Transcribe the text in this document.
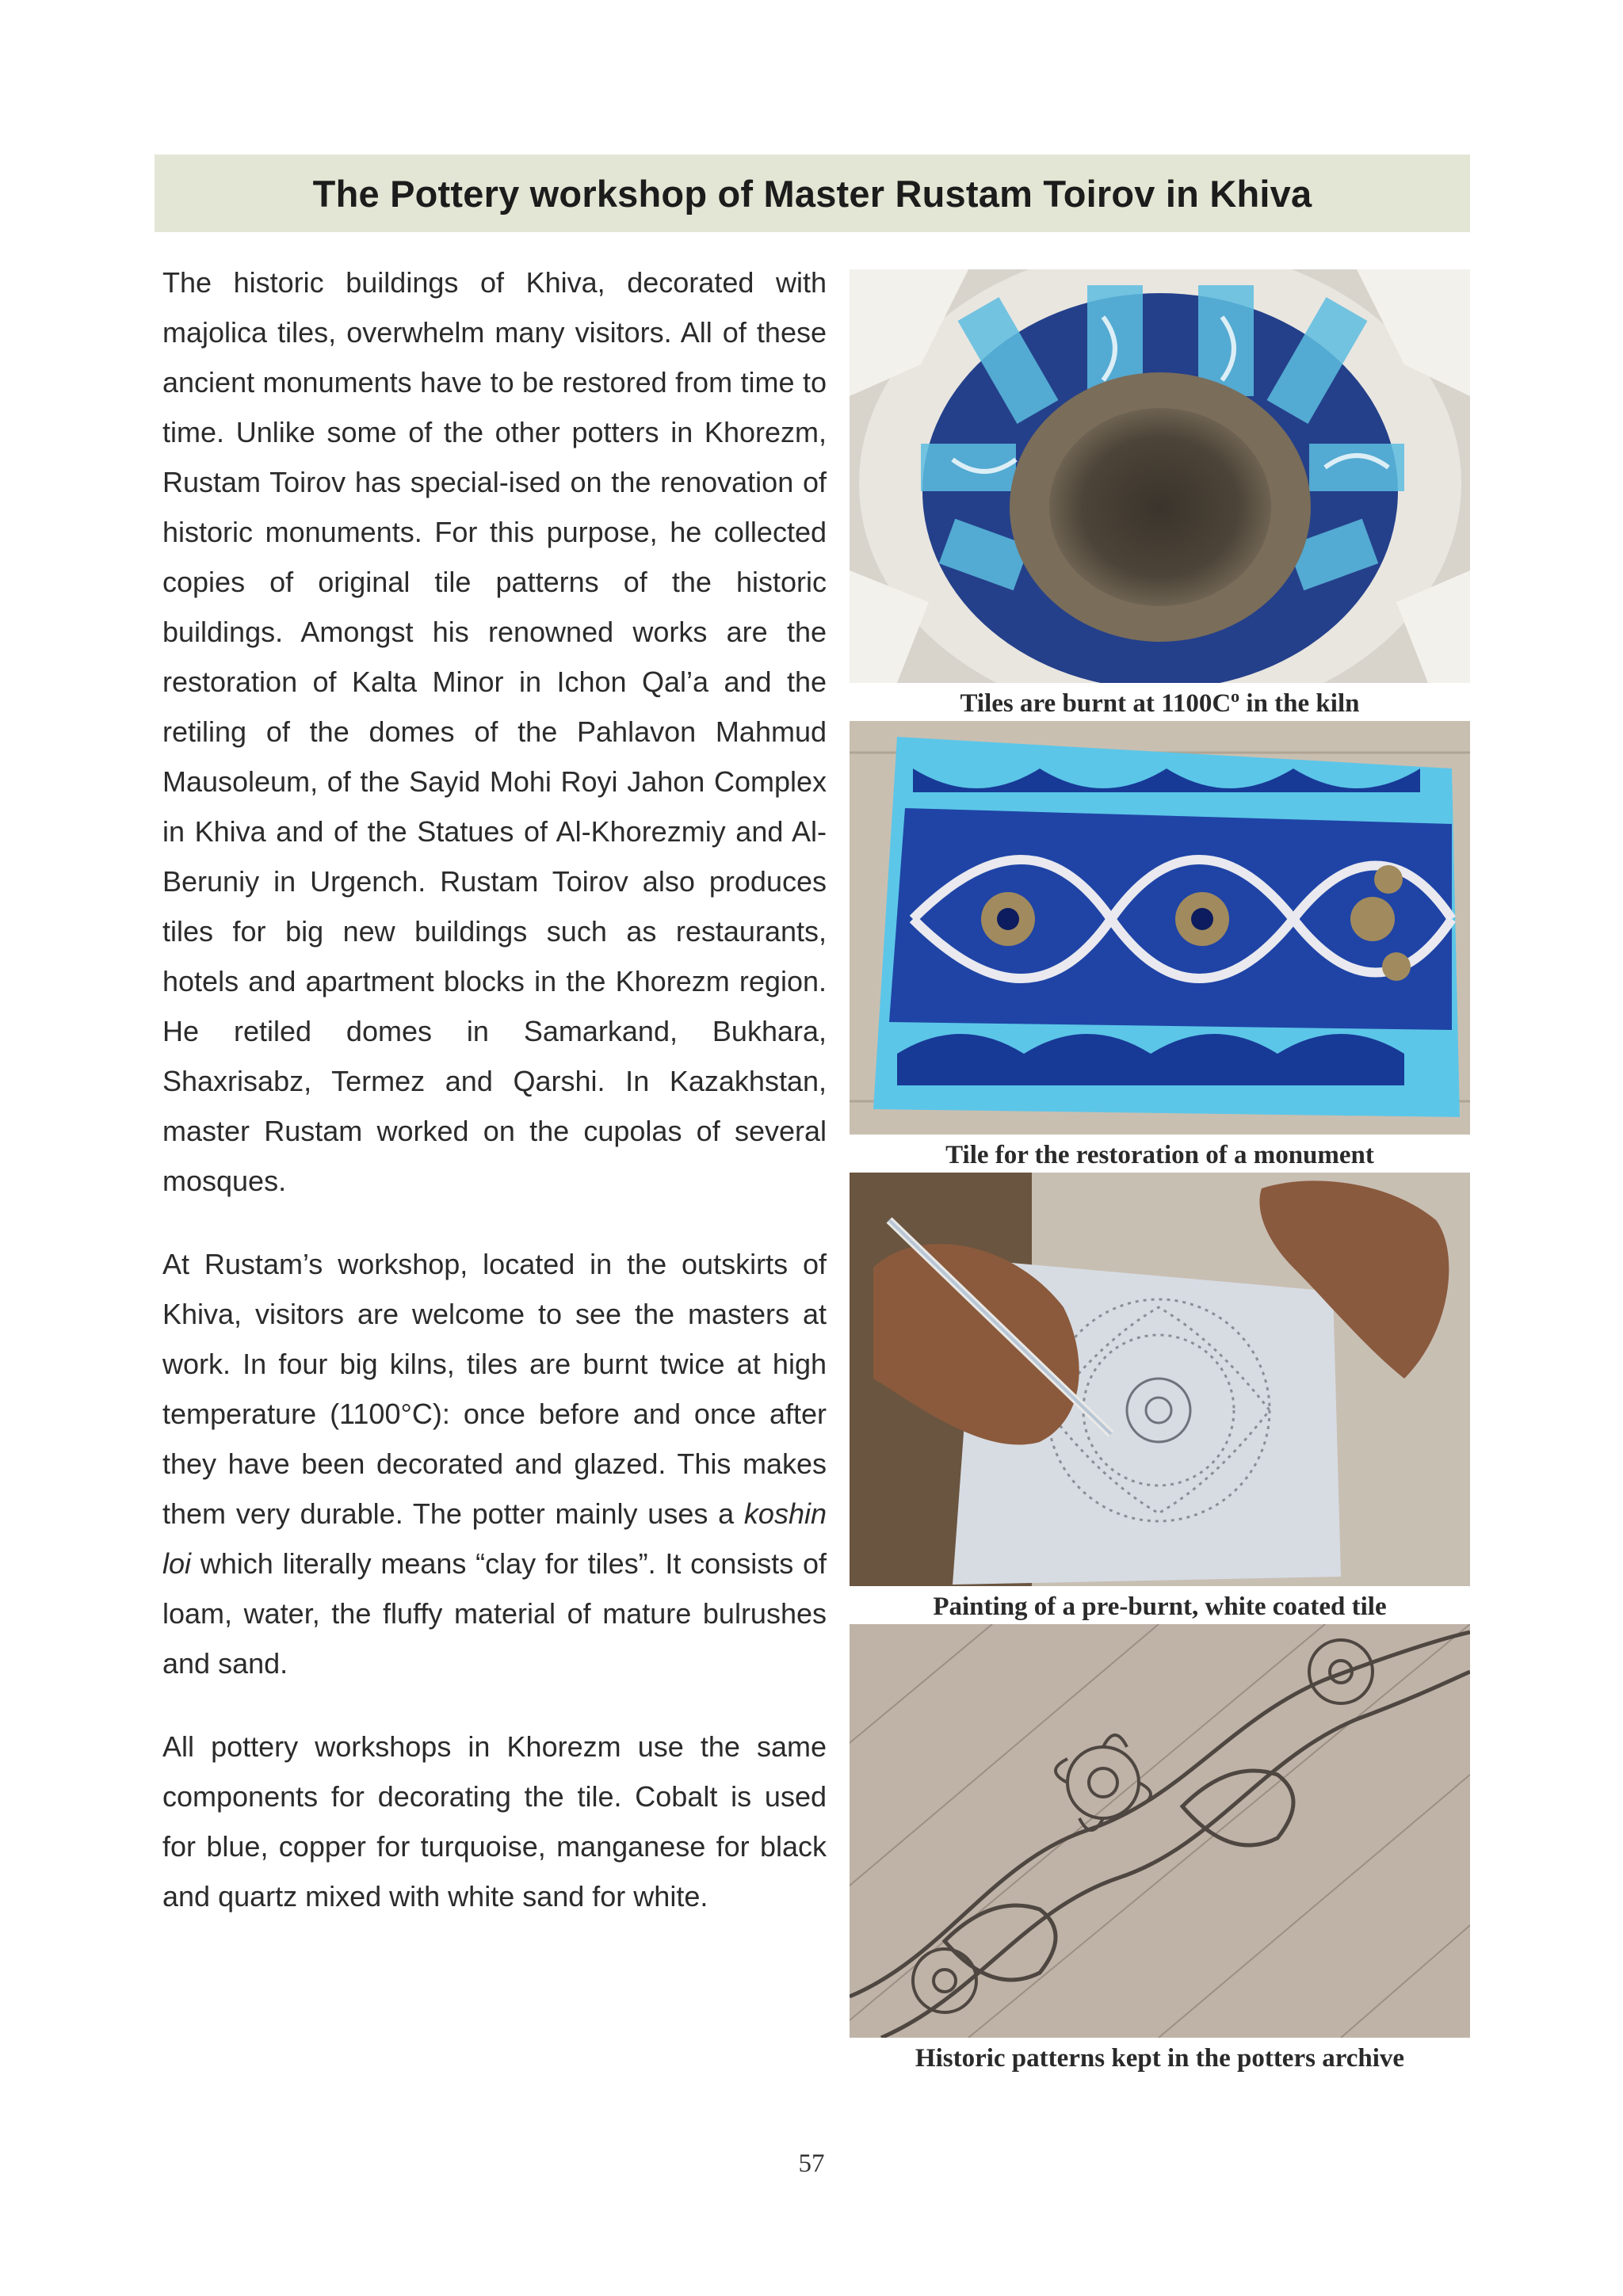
The Pottery workshop of Master Rustam Toirov in Khiva

The historic buildings of Khiva, decorated with majolica tiles, overwhelm many visitors. All of these ancient monuments have to be restored from time to time. Unlike some of the other potters in Khorezm, Rustam Toirov has special-ised on the renovation of historic monuments. For this purpose, he collected copies of original tile patterns of the historic buildings. Amongst his renowned works are the restoration of Kalta Minor in Ichon Qal’a and the retiling of the domes of the Pahlavon Mahmud Mausoleum, of the Sayid Mohi Royi Jahon Complex in Khiva and of the Statues of Al-Khorezmiy and Al-Beruniy in Urgench. Rustam Toirov also produces tiles for big new buildings such as restaurants, hotels and apartment blocks in the Khorezm region. He retiled domes in Samarkand, Bukhara, Shaxrisabz, Termez and Qarshi. In Kazakhstan, master Rustam worked on the cupolas of several mosques.

At Rustam’s workshop, located in the outskirts of Khiva, visitors are welcome to see the masters at work. In four big kilns, tiles are burnt twice at high temperature (1100°C): once before and once after they have been decorated and glazed. This makes them very durable. The potter mainly uses a koshin loi which literally means “clay for tiles”. It consists of loam, water, the fluffy material of mature bulrushes and sand.

All pottery workshops in Khorezm use the same components for decorating the tile. Cobalt is used for blue, copper for turquoise, manganese for black and quartz mixed with white sand for white.

Tiles are burnt at $1100C^o$ in the kiln
Tile for the restoration of a monument
Painting of a pre-burnt, white coated tile
Historic patterns kept in the potters archive
57
